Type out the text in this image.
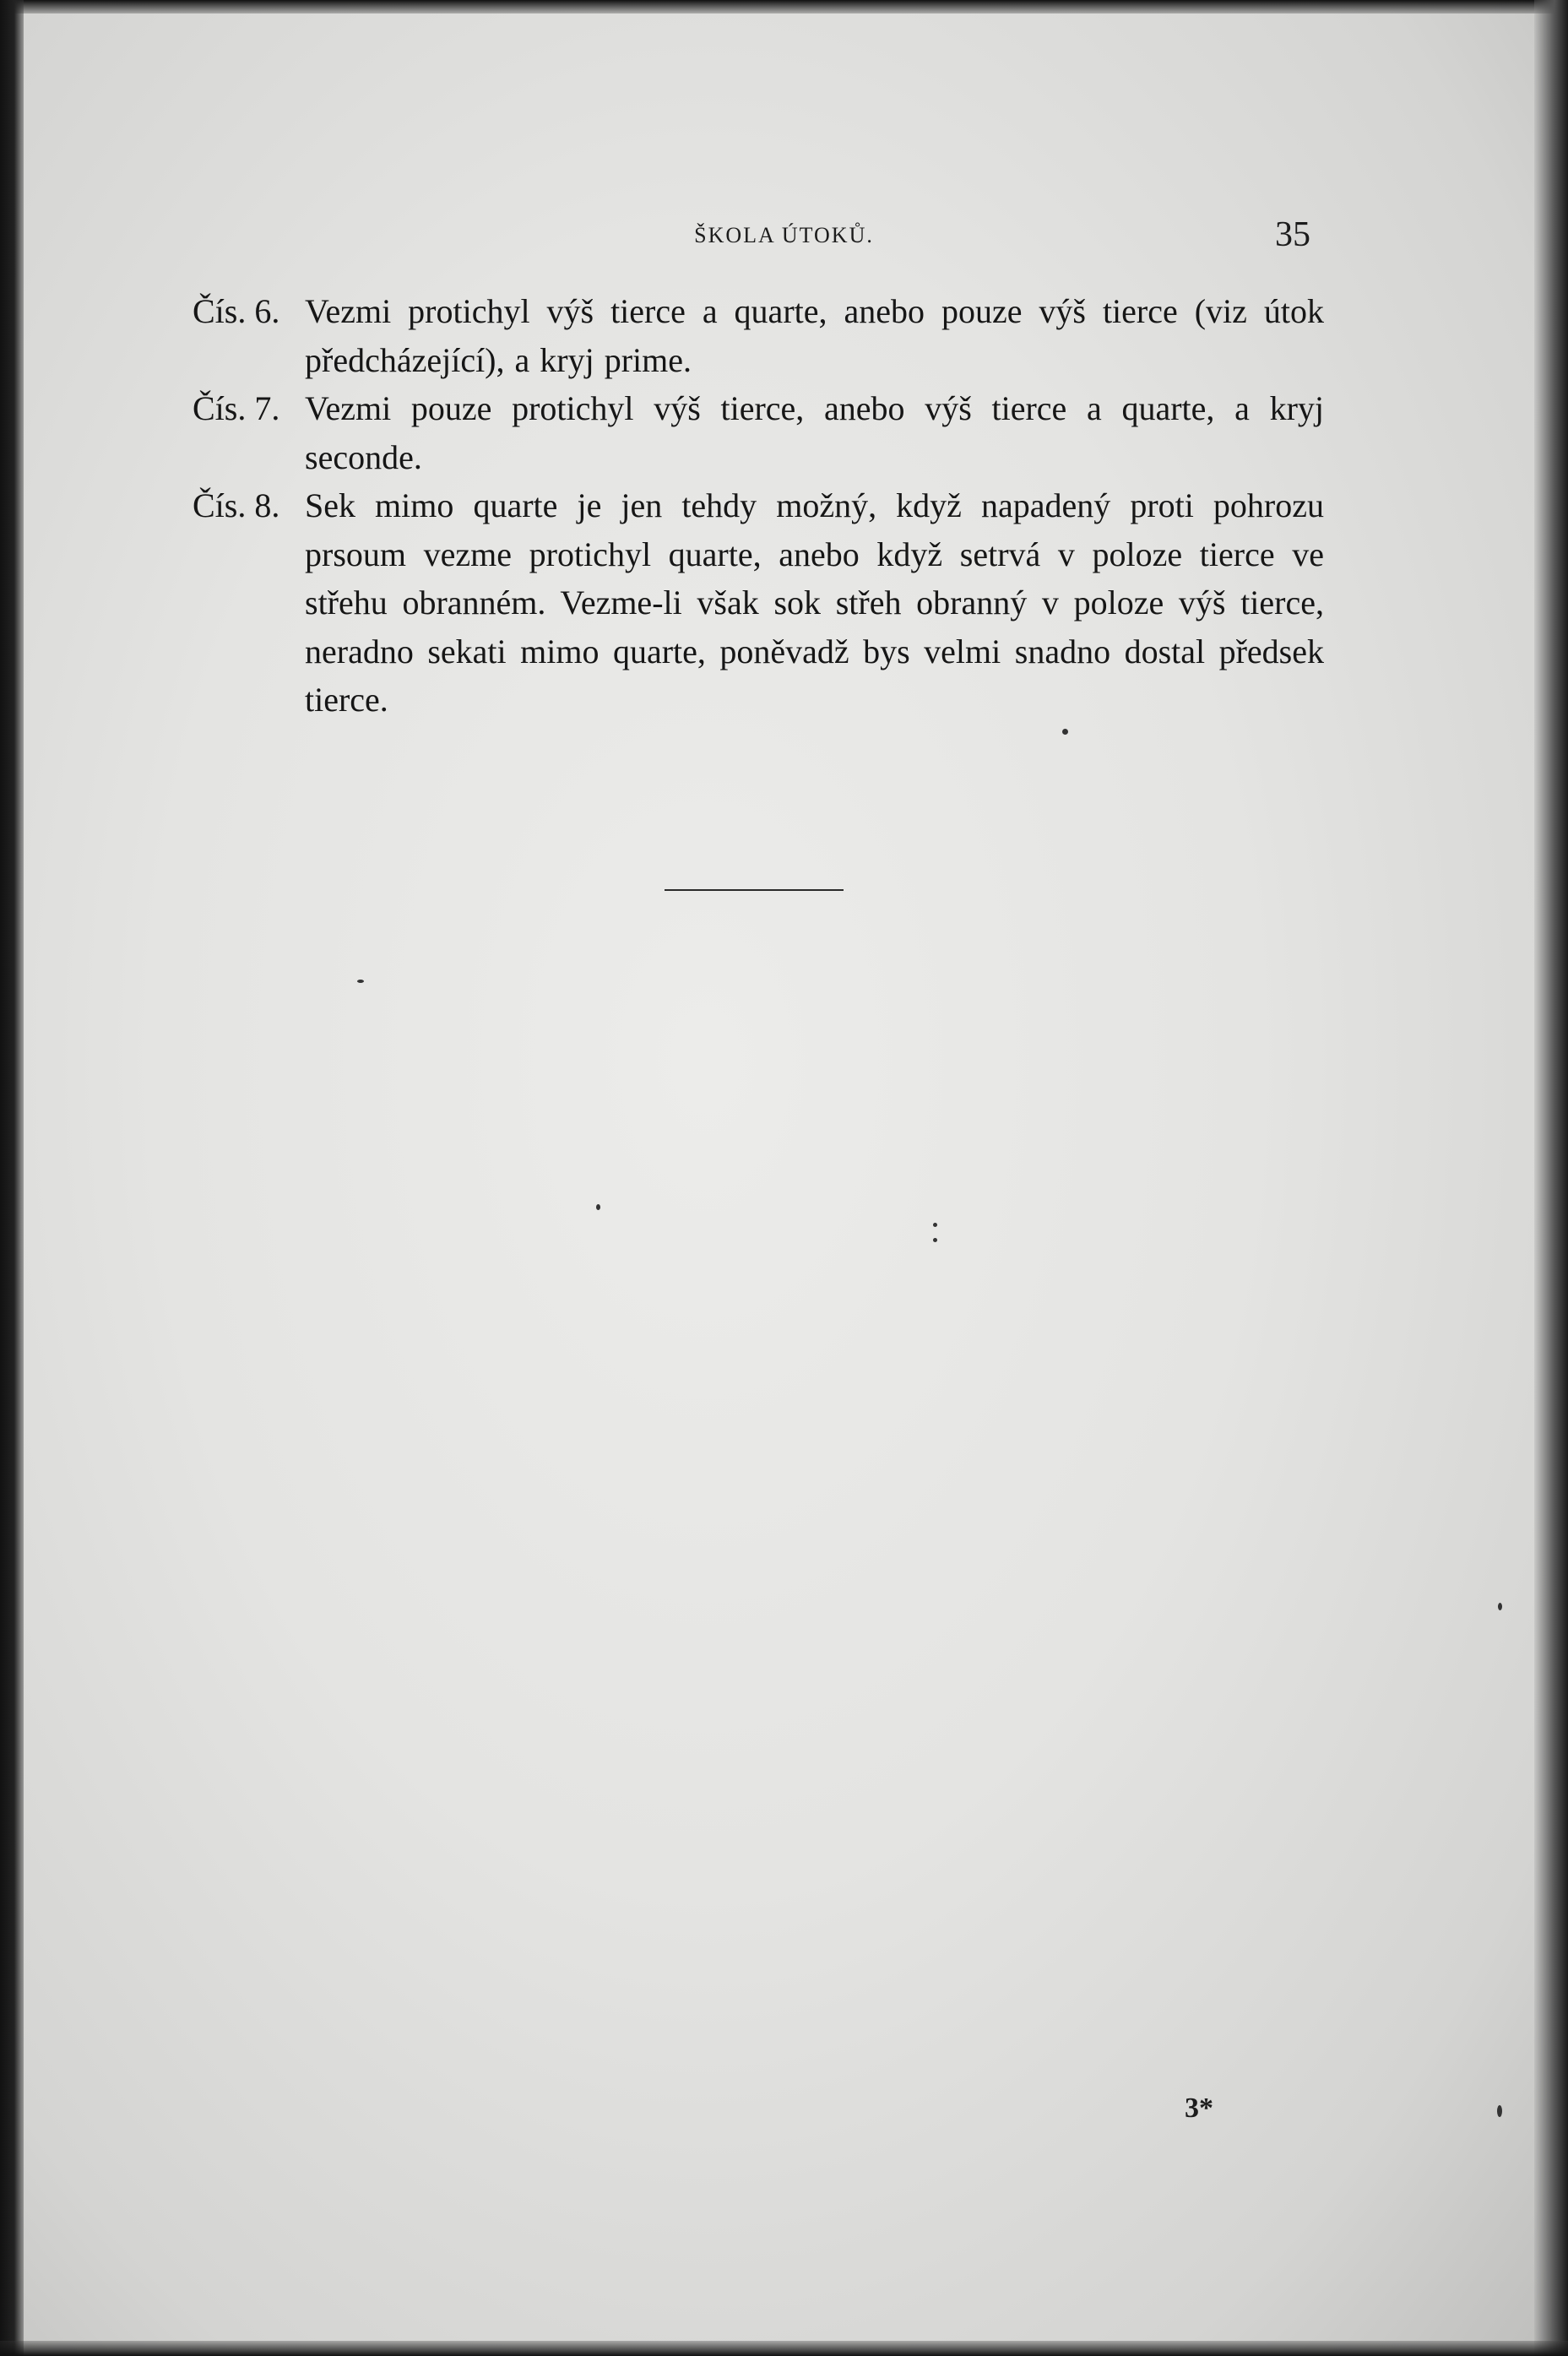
ŠKOLA ÚTOKŮ.	35
Čís. 6. Vezmi protichyl výš tierce a quarte, anebo pouze výš tierce (viz útok předcházející), a kryj prime.
Čís. 7. Vezmi pouze protichyl výš tierce, anebo výš tierce a quarte, a kryj seconde.
Čís. 8. Sek mimo quarte je jen tehdy možný, když napadený proti pohrozu prsoum vezme protichyl quarte, anebo když setrvá v poloze tierce ve střehu obranném. Vezme-li však sok střeh obranný v poloze výš tierce, neradno sekati mimo quarte, poněvadž bys velmi snadno dostal předsek tierce.
3*
